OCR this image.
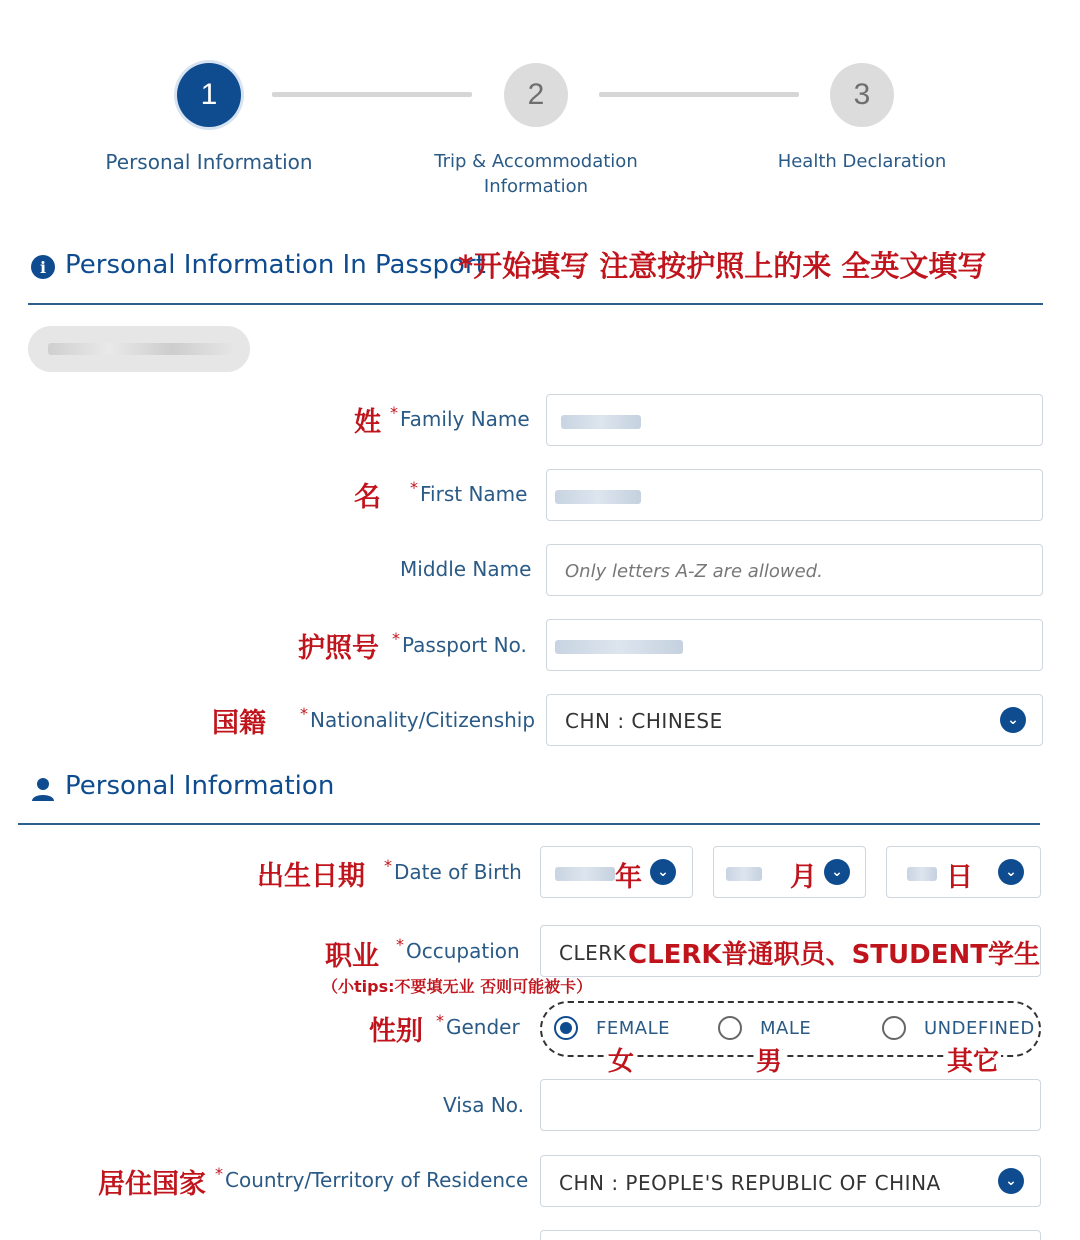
1	2	3
Personal Information	Trip & Accommodation
Information
Health Declaration
i Personal Information In Passport
*开始填写 注意按护照上的来 全英文填写
姓 * Family Name
名 * First Name
Middle Name Only letters A-Z are allowed.
护照号 * Passport No.
国籍 * Nationality/Citizenship CHN : CHINESE	⌄
Personal Information
出生日期 * Date of Birth	年	⌄	月	⌄	日	⌄
职业 * Occupation CLERK CLERK普通职员、STUDENT学生
（小tips:不要填无业 否则可能被卡）
性别 * Gender	FEMALE	MALE	UNDEFINED
女	男	其它
Visa No.
居住国家 * Country/Territory of Residence CHN : PEOPLE'S REPUBLIC OF CHINA	⌄
